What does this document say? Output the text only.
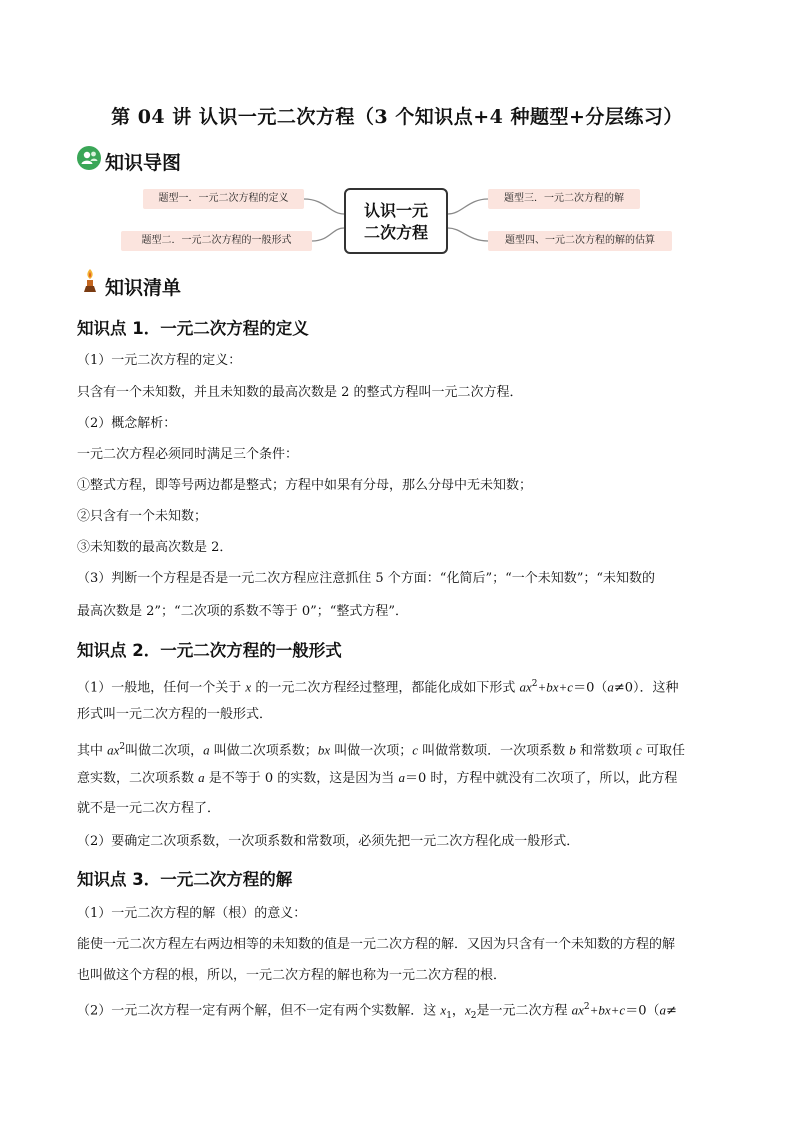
第 04 讲 认识一元二次方程（3 个知识点+4 种题型+分层练习）
知识导图
题型一．一元二次方程的定义
题型二．一元二次方程的一般形式
题型三．一元二次方程的解
题型四、一元二次方程的解的估算
认识一元
二次方程
知识清单
知识点 1．一元二次方程的定义
（1）一元二次方程的定义：
只含有一个未知数，并且未知数的最高次数是 2 的整式方程叫一元二次方程．
（2）概念解析：
一元二次方程必须同时满足三个条件：
①整式方程，即等号两边都是整式；方程中如果有分母，那么分母中无未知数；
②只含有一个未知数；
③未知数的最高次数是 2．
（3）判断一个方程是否是一元二次方程应注意抓住 5 个方面：“化简后”；“一个未知数”；“未知数的
最高次数是 2”；“二次项的系数不等于 0”；“整式方程”．
知识点 2．一元二次方程的一般形式
（1）一般地，任何一个关于 x 的一元二次方程经过整理，都能化成如下形式 $ax^2+bx+c=0(a\ne 0)$．这种
形式叫一元二次方程的一般形式．
其中 $ax^2$叫做二次项，a 叫做二次项系数；bx 叫做一次项；c 叫做常数项．一次项系数 b 和常数项 c 可取任
意实数，二次项系数 a 是不等于 0 的实数，这是因为当 a＝0 时，方程中就没有二次项了，所以，此方程
就不是一元二次方程了．
（2）要确定二次项系数，一次项系数和常数项，必须先把一元二次方程化成一般形式．
知识点 3．一元二次方程的解
（1）一元二次方程的解（根）的意义：
能使一元二次方程左右两边相等的未知数的值是一元二次方程的解．又因为只含有一个未知数的方程的解
也叫做这个方程的根，所以，一元二次方程的解也称为一元二次方程的根．
（2）一元二次方程一定有两个解，但不一定有两个实数解．这 $x_1$，$x_2$是一元二次方程 $ax^2+bx+c=0(a\ne$
